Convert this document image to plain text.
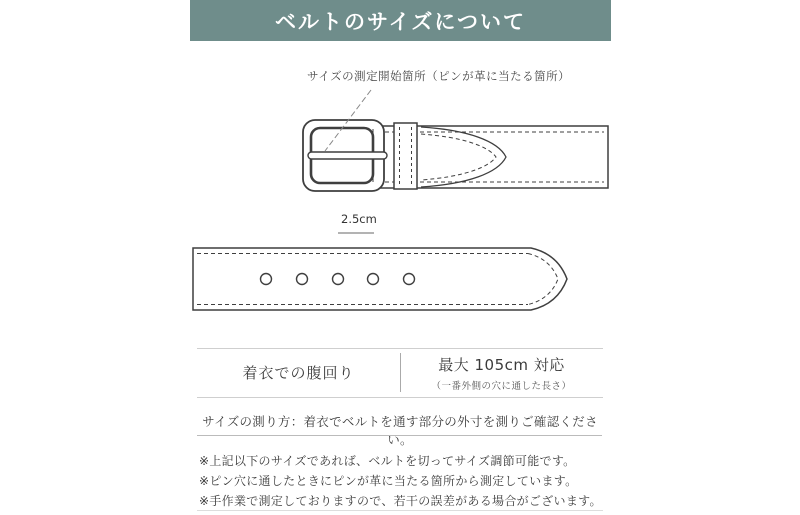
ベルトのサイズについて
サイズの測定開始箇所（ピンが革に当たる箇所）
2.5cm
着衣での腹回り	最大 105cm 対応
（一番外側の穴に通した長さ）
サイズの測り方：着衣でベルトを通す部分の外寸を測りご確認ください。
※上記以下のサイズであれば、ベルトを切ってサイズ調節可能です。
※ピン穴に通したときにピンが革に当たる箇所から測定しています。
※手作業で測定しておりますので、若干の誤差がある場合がございます。
